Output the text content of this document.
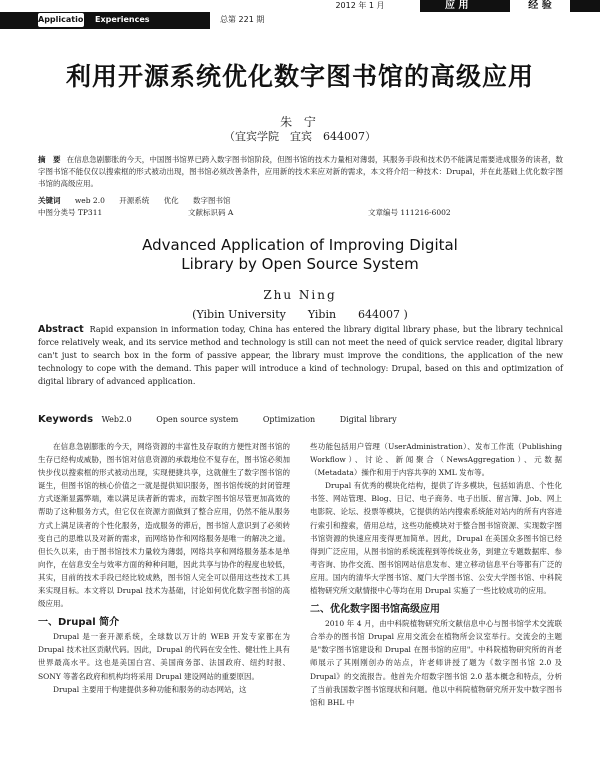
Application Experiences	总第 221 期
2012 年 1 月	应 用	经 验
利用开源系统优化数字图书馆的高级应用
朱 宁
（宜宾学院　宜宾　644007）
摘　要 在信息急剧膨胀的今天，中国图书馆界已跨入数字图书馆阶段，但图书馆的技术力量相对薄弱，其服务手段和技术仍不能满足需要进成服务的读者，数字图书馆不能仅仅以搜索框的形式被动出现，图书馆必须改善条件，应用新的技术来应对新的需求，本文将介绍一种技术：Drupal，并在此基础上优化数字图书馆的高级应用。
关键词 web 2.0 开源系统 优化 数字图书馆
中图分类号 TP311	文献标识码 A	文章编号 111216-6002
Advanced Application of Improving Digital
Library by Open Source System
Zhu Ning
(Yibin University　　Yibin　　644007 )
Abstract Rapid expansion in information today, China has entered the library digital library phase, but the library technical force relatively weak, and its service method and technology is still can not meet the need of quick service reader, digital library can't just to search box in the form of passive appear, the library must improve the conditions, the application of the new technology to cope with the demand. This paper will introduce a kind of technology: Drupal, based on this and optimization of digital library of advanced application.
Keywords Web2.0	Open source system	Optimization	Digital library

在信息急剧膨胀的今天，网络资源的丰富性及存取的方便性对图书馆的生存已经构成威胁，图书馆对信息资源的承载地位不复存在，图书馆必须加快步伐以搜索框的形式被动出现，实现便捷共享，这就催生了数字图书馆的诞生，但图书馆的核心价值之一就是提供知识服务，图书馆传统的封闭管理方式逐渐显露弊端，难以满足读者新的需求，而数字图书馆尽管更加高效的帮助了这种服务方式，但它仅在资源方面做到了整合应用，仍然不能从服务方式上满足读者的个性化服务，造成服务的滞后，图书馆人意识到了必须转变自己的思维以及对新的需求，而网络协作和网络服务是唯一的解决之道。但长久以来，由于图书馆技术力量较为薄弱，网络共享和网络服务基本是单向作，在信息安全与效率方面的种种问题，因此共享与协作的程度也较低，其实，目前的技术手段已经比较成熟，图书馆人完全可以借用这些技术工具来实现目标。本文将以 Drupal 技术为基础，讨论如何优化数字图书馆的高级应用。

一、Drupal 简介

Drupal 是一套开源系统，全球数以万计的 WEB 开发专家都在为 Drupal 技术社区贡献代码。因此，Drupal 的代码在安全性、健壮性上具有世界最高水平。这也是美国白宫、美国商务部、法国政府、纽约时报、SONY 等著名政府和机构均将采用 Drupal 建设网站的重要原因。

Drupal 主要用于构建提供多种功能和服务的动态网站，这

些功能包括用户管理（UserAdministration）、发布工作流（Publishing Workflow）、讨论、新闻聚合（NewsAggregation）、元数据（Metadata）操作和用于内容共享的 XML 发布等。

Drupal 有优秀的模块化结构，提供了许多模块，包括如消息、个性化书签、网站管理、Blog、日记、电子商务、电子出版、留言簿、Job、网上电影院、论坛、投票等模块，它提供的站内搜索系统能对站内的所有内容进行索引和搜索，借用总结，这些功能模块对于整合图书馆资源、实现数字图书馆资源的快速应用变得更加简单。因此，Drupal 在美国众多图书馆已经得到广泛应用，从图书馆的系统流程到等传统业务，到建立专题数据库、参考咨询、协作交流、图书馆网站信息发布、建立移动信息平台等都有广泛的应用。国内的清华大学图书馆、厦门大学图书馆、公安大学图书馆、中科院植物研究所文献情报中心等均在用 Drupal 实施了一些比较成功的应用。

二、优化数字图书馆高级应用

2010 年 4 月，由中科院植物研究所文献信息中心与图书馆学术交流联合举办的图书馆 Drupal 应用交流会在植物所会议室举行。交流会的主题是"数字图书馆建设和 Drupal 在图书馆的应用"。中科院植物研究所的肖老师展示了其刚刚创办的站点，许老师讲授了题为《数字图书馆 2.0 及 Drupal》的交流报告。他首先介绍数字图书馆 2.0 基本概念和特点，分析了当前我国数字图书馆现状和问题。他以中科院植物研究所开发中数字图书馆和 BHL 中
